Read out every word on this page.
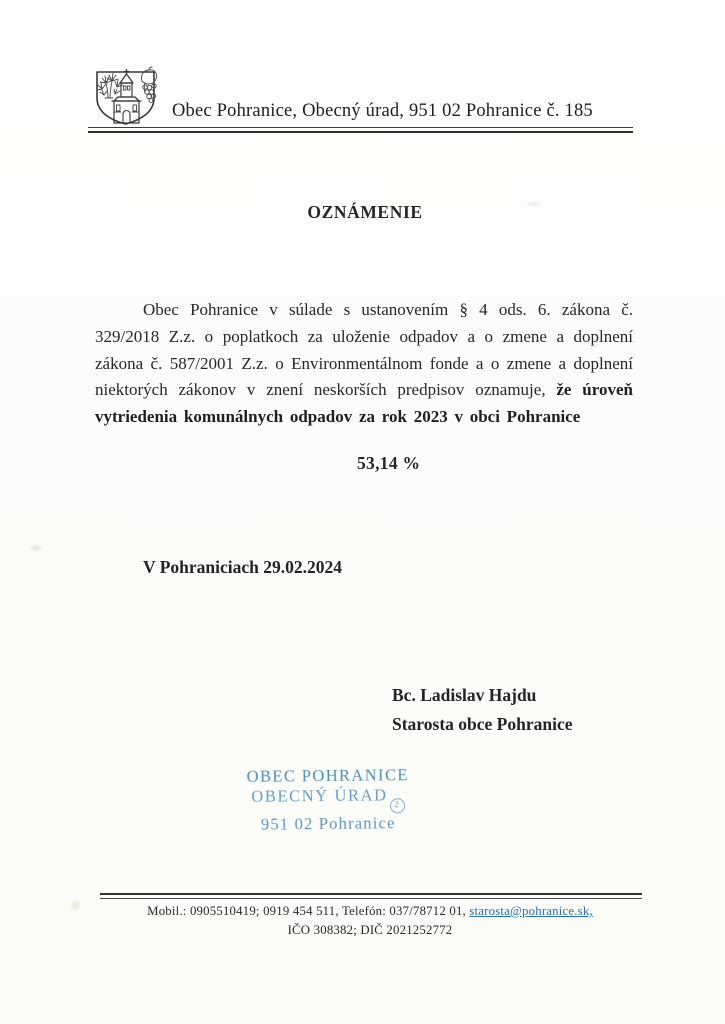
Obec Pohranice, Obecný úrad, 951 02 Pohranice č. 185
OZNÁMENIE
Obec Pohranice v súlade s ustanovením § 4 ods. 6. zákona č. 329/2018 Z.z. o poplatkoch za uloženie odpadov a o zmene a doplnení zákona č. 587/2001 Z.z. o Environmentálnom fonde a o zmene a doplnení niektorých zákonov v znení neskorších predpisov oznamuje, že úroveň vytriedenia komunálnych odpadov za rok 2023 v obci Pohranice
53,14 %
V Pohraniciach 29.02.2024
Bc. Ladislav Hajdu
Starosta obce Pohranice
OBEC POHRANICE
OBECNÝ ÚRAD 2
951 02 Pohranice
Mobil.: 0905510419; 0919 454 511, Telefón: 037/78712 01, starosta@pohranice.sk,
IČO 308382; DIČ 2021252772
